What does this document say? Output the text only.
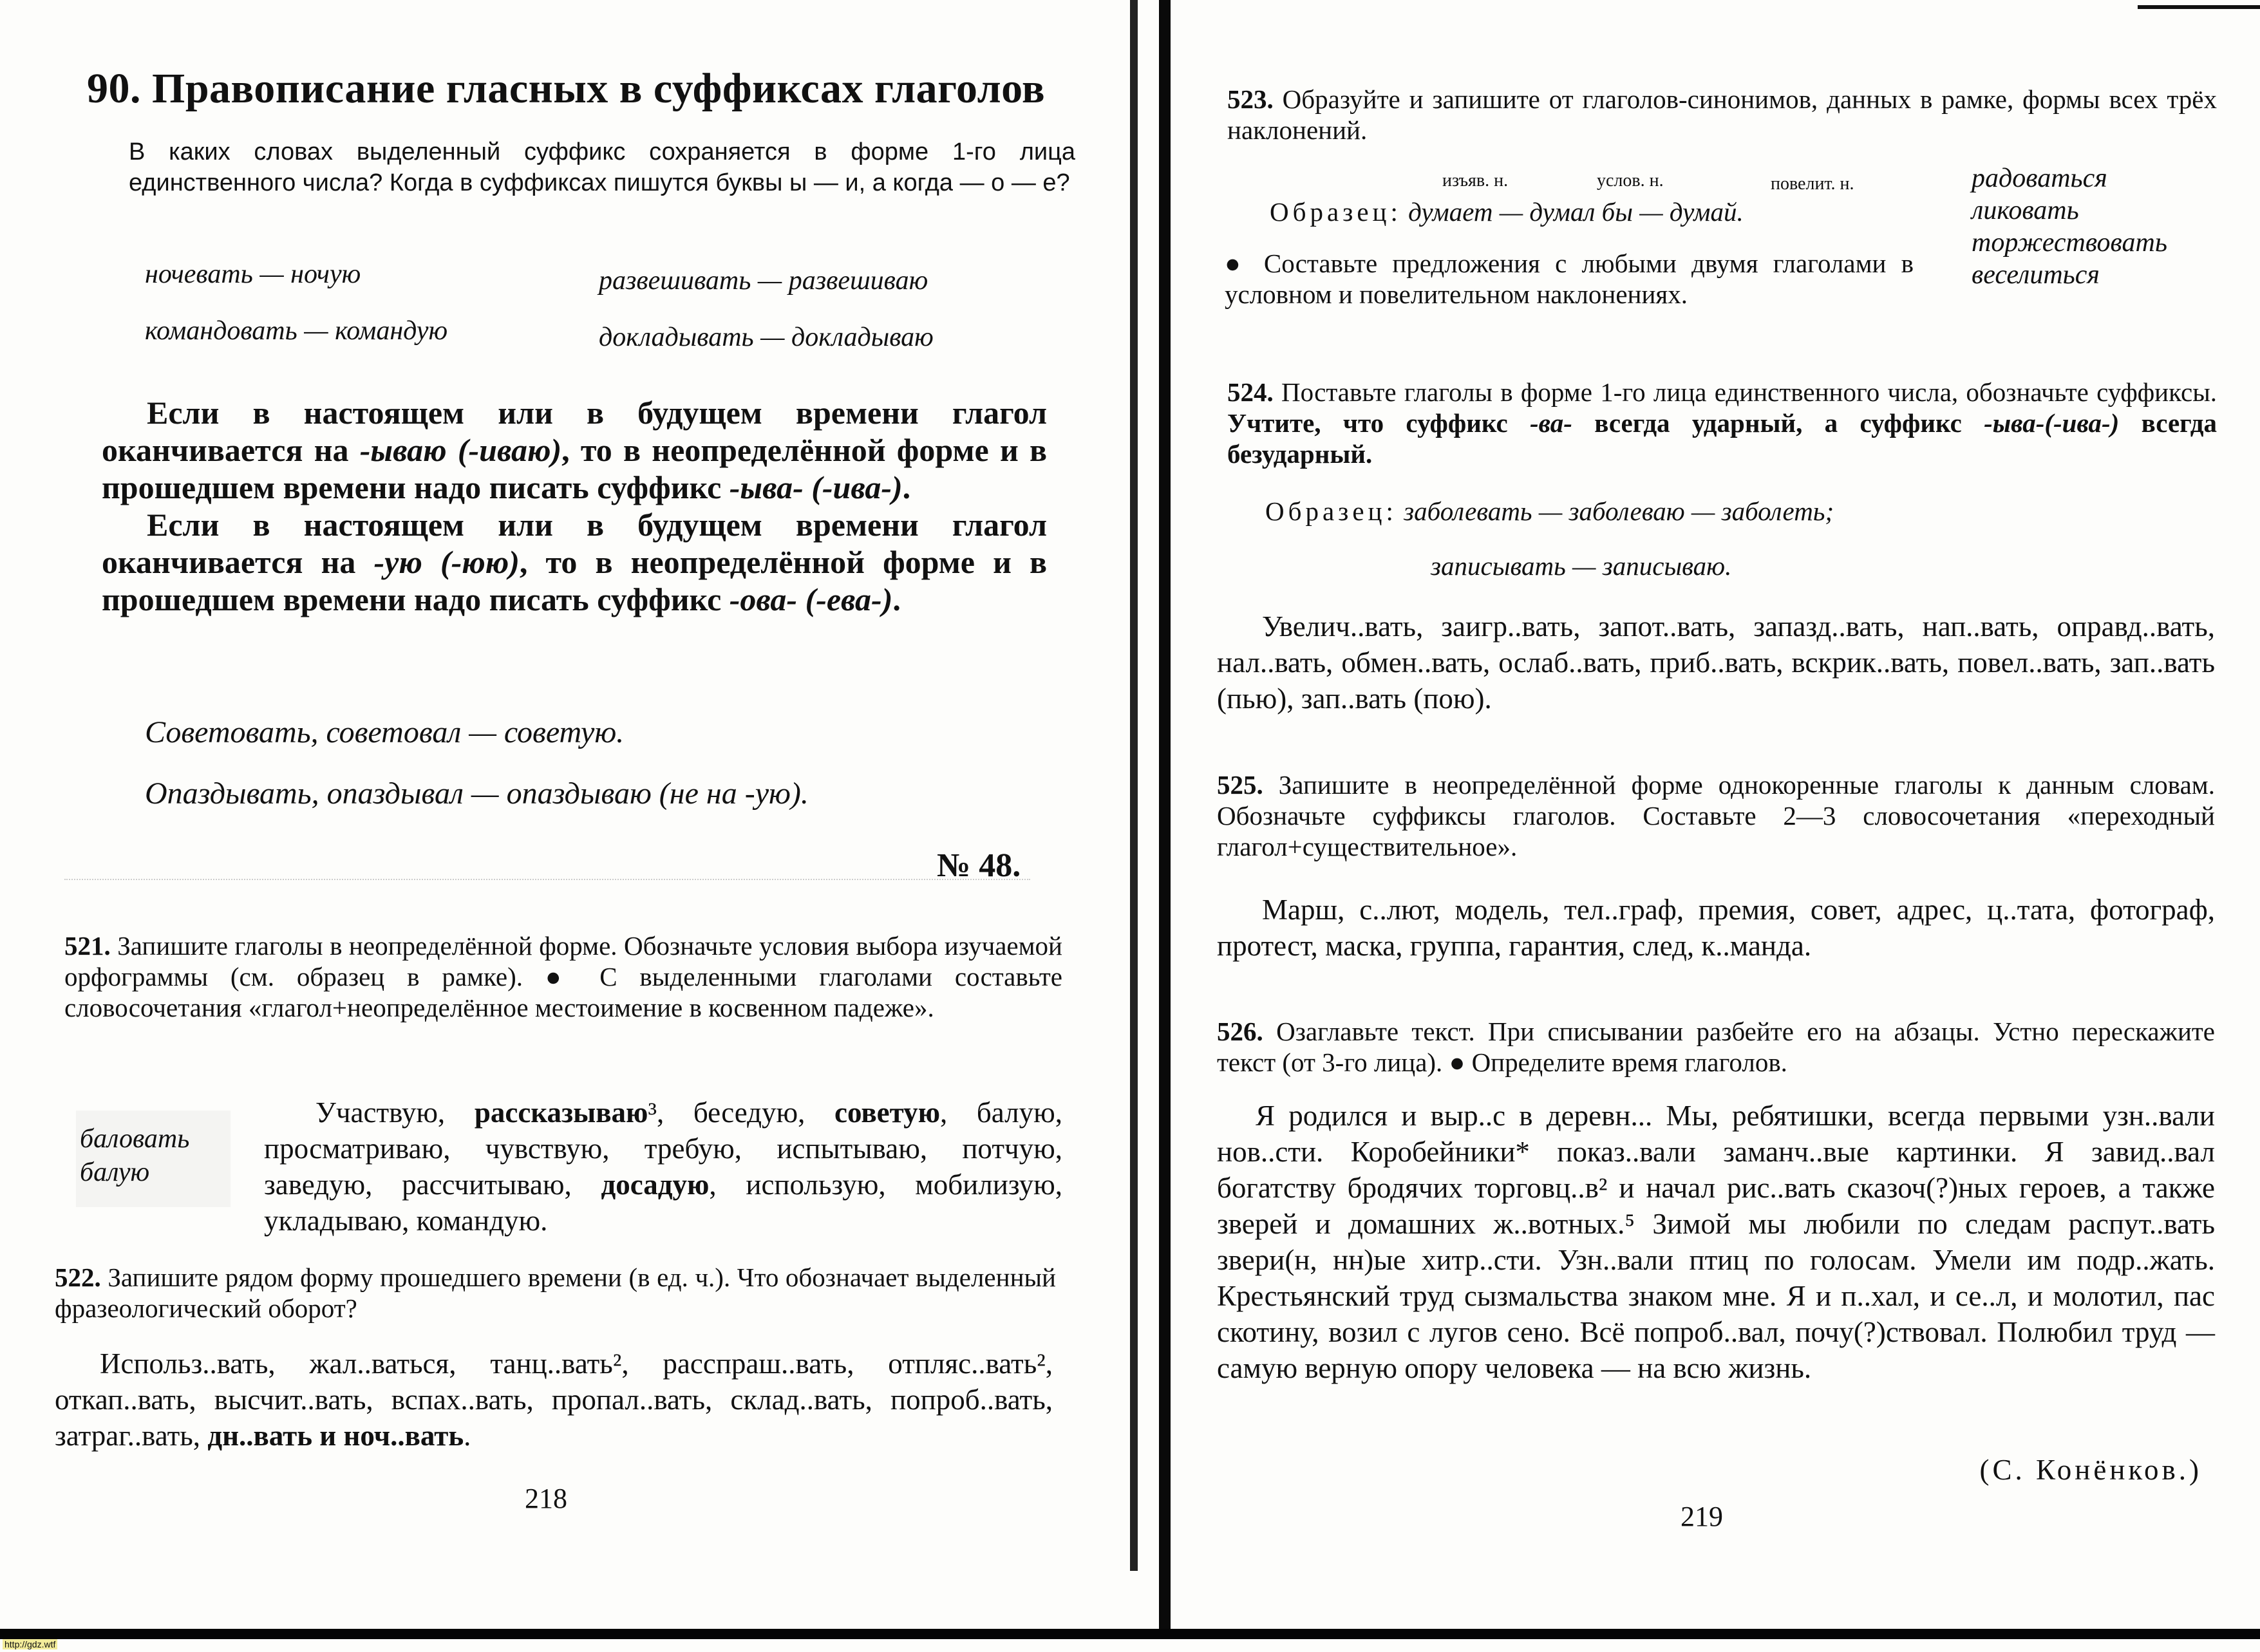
http://gdz.wtf
90. Правописание гласных в суффиксах глаголов
В каких словах выделенный суффикс сохраняется в форме 1-го лица единственного числа? Когда в суффиксах пишутся буквы ы — и, а когда — о — е?
ночевать — ночую
командовать — командую
развешивать — развешиваю
докладывать — докладываю

Если в настоящем или в будущем времени глагол оканчивается на -ываю (-иваю), то в неопределённой форме и в прошедшем времени надо писать суффикс -ыва- (-ива-).

Если в настоящем или в будущем времени глагол оканчивается на -ую (-юю), то в неопределённой форме и в прошедшем времени надо писать суффикс -ова- (-ева-).

Советовать, советовал — советую.
Опаздывать, опаздывал — опаздываю (не на -ую).
№ 48.
521. Запишите глаголы в неопределённой форме. Обозначьте условия выбора изучаемой орфограммы (см. образец в рамке). ● С выделенными глаголами составьте словосочетания «глагол+неопределённое местоимение в косвенном падеже».
баловать
балую
Участвую, рассказываю³, беседую, советую, балую, просматриваю, чувствую, требую, испытываю, потчую, заведую, рассчитываю, досадую, использую, мобилизую, укладываю, командую.
522. Запишите рядом форму прошедшего времени (в ед. ч.). Что обозначает выделенный фразеологический оборот?
Использ..вать, жал..ваться, танц..вать², расспраш..вать, отпляс..вать², откап..вать, высчит..вать, вспах..вать, пропал..вать, склад..вать, попроб..вать, затраг..вать, дн..вать и ноч..вать.
218
523. Образуйте и запишите от глаголов-синонимов, данных в рамке, формы всех трёх наклонений.
изъяв. н.	услов. н.	повелит. н.
Образец: думает — думал бы — думай.
радоваться
ликовать
торжествовать
веселиться
● Составьте предложения с любыми двумя глаголами в условном и повелительном наклонениях.
524. Поставьте глаголы в форме 1-го лица единственного числа, обозначьте суффиксы. Учтите, что суффикс -ва- всегда ударный, а суффикс -ыва-(-ива-) всегда безударный.
Образец: заболевать — заболеваю — заболеть;
записывать — записываю.
Увелич..вать, заигр..вать, запот..вать, запазд..вать, нап..вать, оправд..вать, нал..вать, обмен..вать, ослаб..вать, приб..вать, вскрик..вать, повел..вать, зап..вать (пью), зап..вать (пою).
525. Запишите в неопределённой форме однокоренные глаголы к данным словам. Обозначьте суффиксы глаголов. Составьте 2—3 словосочетания «переходный глагол+существительное».
Марш, с..лют, модель, тел..граф, премия, совет, адрес, ц..тата, фотограф, протест, маска, группа, гарантия, след, к..манда.
526. Озаглавьте текст. При списывании разбейте его на абзацы. Устно перескажите текст (от 3-го лица). ● Определите время глаголов.
Я родился и выр..с в деревн... Мы, ребятишки, всегда первыми узн..вали нов..сти. Коробейники* показ..вали заманч..вые картинки. Я завид..вал богатству бродячих торговц..в² и начал рис..вать сказоч(?)ных героев, а также зверей и домашних ж..вотных.⁵ Зимой мы любили по следам распут..вать звери(н, нн)ые хитр..сти. Узн..вали птиц по голосам. Умели им подр..жать. Крестьянский труд сызмальства знаком мне. Я и п..хал, и се..л, и молотил, пас скотину, возил с лугов сено. Всё попроб..вал, почу(?)ствовал. Полюбил труд — самую верную опору человека — на всю жизнь.
(С. Конёнков.)
219
